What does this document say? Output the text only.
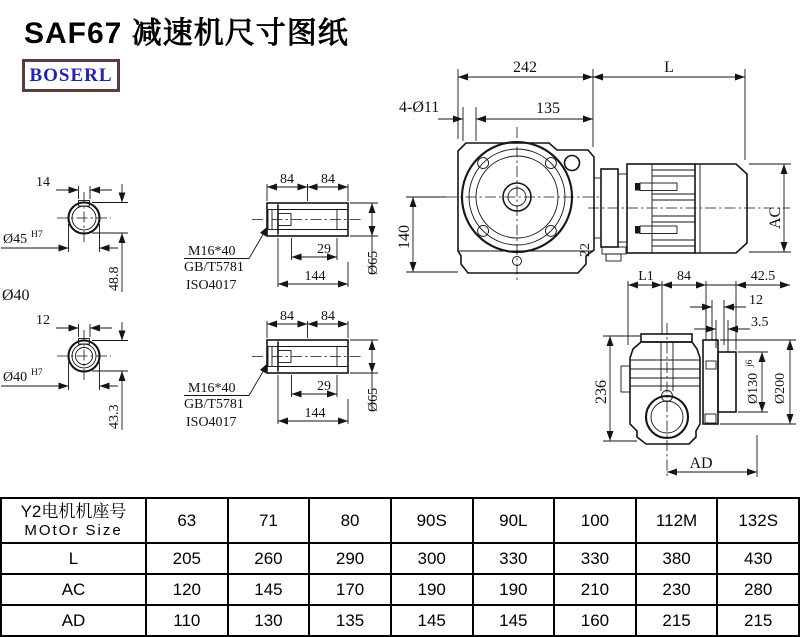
SAF67 减速机尺寸图纸
BOSERL
14
Ø45 H7
48.8
Ø40
12
Ø40 H7
43.3
84 84
29
144
Ø65
M16*40
GB/T5781
ISO4017
22
242	L
4-Ø11	135
140
AC
L1 84	42.5
12
3.5
236	Ø130
j6
Ø200
AD
Y2电机机座号
MOtOr Size	63	71	80	90S	90L	100	112M	132S
L	205	260	290	300	330	330	380	430
AC	120	145	170	190	190	210	230	280
AD	110	130	135	145	145	160	215	215
